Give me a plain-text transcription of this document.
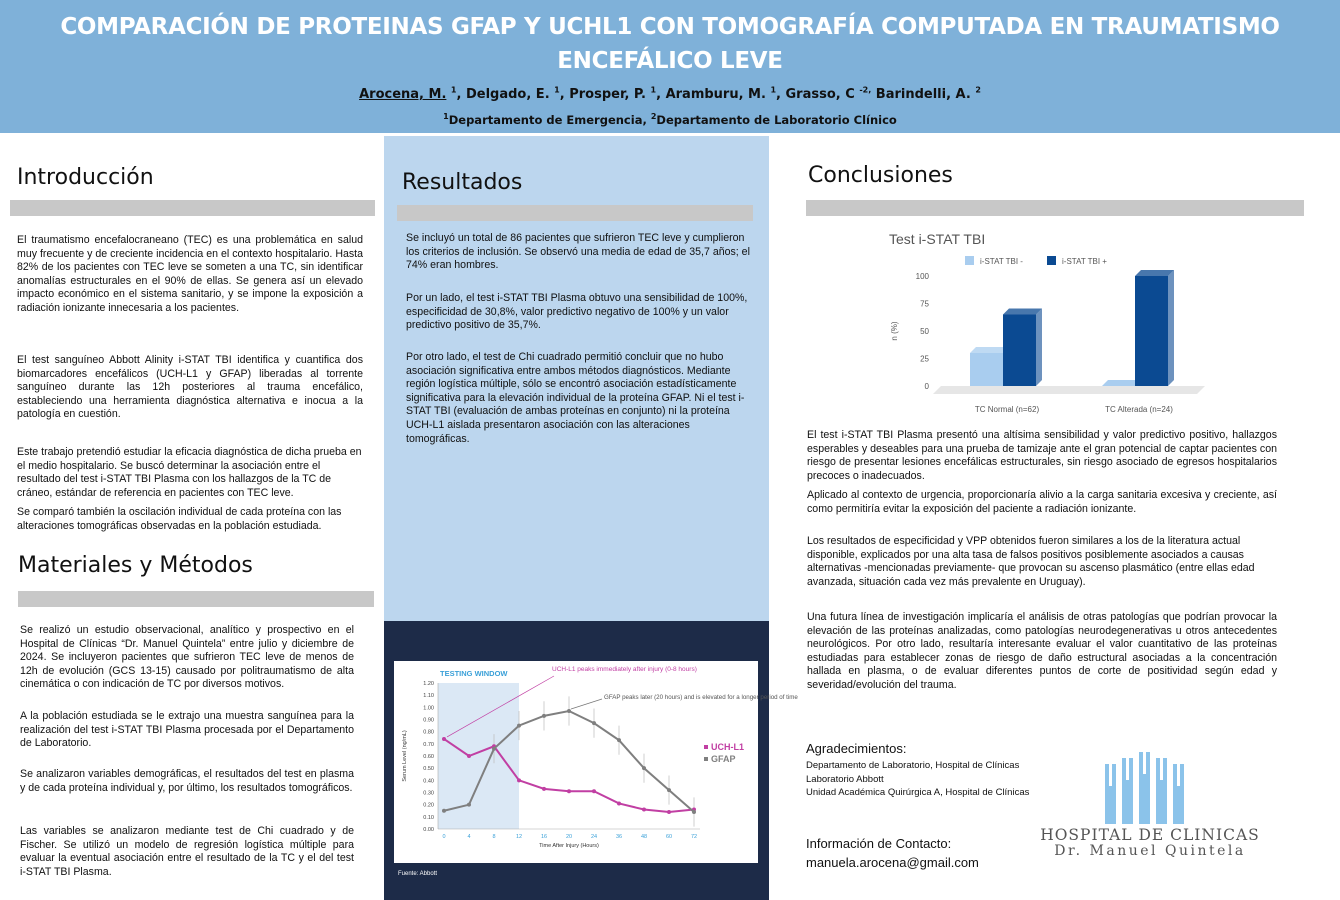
COMPARACIÓN DE PROTEINAS GFAP Y UCHL1 CON TOMOGRAFÍA COMPUTADA EN TRAUMATISMO ENCEFÁLICO LEVE
Arocena, M. $^1$, Delgado, E. $^1$, Prosper, P. $^1$, Aramburu, M. $^1$, Grasso, C $^{-2,}$ Barindelli, A. $^2$
$^1$Departamento de Emergencia, $^2$Departamento de Laboratorio Clínico
Introducción
El traumatismo encefalocraneano (TEC) es una problemática en salud muy frecuente y de creciente incidencia en el contexto hospitalario. Hasta 82% de los pacientes con TEC leve se someten a una TC, sin identificar anomalías estructurales en el 90% de ellas. Se genera así un elevado impacto económico en el sistema sanitario, y se impone la exposición a radiación ionizante innecesaria a los pacientes.
El test sanguíneo Abbott Alinity i-STAT TBI identifica y cuantifica dos biomarcadores encefálicos (UCH-L1 y GFAP) liberadas al torrente sanguíneo durante las 12h posteriores al trauma encefálico, estableciendo una herramienta diagnóstica alternativa e inocua a la patología en cuestión.
Este trabajo pretendió estudiar la eficacia diagnóstica de dicha prueba en el medio hospitalario. Se buscó determinar la asociación entre el resultado del test i-STAT TBI Plasma con los hallazgos de la TC de cráneo, estándar de referencia en pacientes con TEC leve.
Se comparó también la oscilación individual de cada proteína con las alteraciones tomográficas observadas en la población estudiada.
Materiales y Métodos
Se realizó un estudio observacional, analítico y prospectivo en el Hospital de Clínicas “Dr. Manuel Quintela” entre julio y diciembre de 2024. Se incluyeron pacientes que sufrieron TEC leve de menos de 12h de evolución (GCS 13-15) causado por politraumatismo de alta cinemática o con indicación de TC por diversos motivos.
A la población estudiada se le extrajo una muestra sanguínea para la realización del test i-STAT TBI Plasma procesada por el Departamento de Laboratorio.
Se analizaron variables demográficas, el resultados del test en plasma y de cada proteína individual y, por último, los resultados tomográficos.
Las variables se analizaron mediante test de Chi cuadrado y de Fischer. Se utilizó un modelo de regresión logística múltiple para evaluar la eventual asociación entre el resultado de la TC y el del test i-STAT TBI Plasma.
Resultados
Se incluyó un total de 86 pacientes que sufrieron TEC leve y cumplieron los criterios de inclusión. Se observó una media de edad de 35,7 años; el 74% eran hombres.
Por un lado, el test i-STAT TBI Plasma obtuvo una sensibilidad de 100%, especificidad de 30,8%, valor predictivo negativo de 100% y un valor predictivo positivo de 35,7%.
Por otro lado, el test de Chi cuadrado permitió concluir que no hubo asociación significativa entre ambos métodos diagnósticos. Mediante región logística múltiple, sólo se encontró asociación estadísticamente significativa para la elevación individual de la proteína GFAP. Ni el test i-STAT TBI (evaluación de ambas proteínas en conjunto) ni la proteína UCH-L1 aislada presentaron asociación con las alteraciones tomográficas.
TESTING WINDOW
0.00
0.10
0.20
0.30
0.40
0.50
0.60
0.70
0.80
0.90
1.00
1.10
1.20
0	4	8	12	16	20	24	36	48	60	72
Time After Injury (Hours)
Serum Level (ng/mL)	UCH-L1
GFAP
UCH-L1 peaks immediately after injury (0-8 hours)
GFAP peaks later (20 hours) and is elevated for a longer period of time
Fuente: Abbott
Conclusiones
Test i-STAT TBI
i-STAT TBI -	i-STAT TBI +
0
25
50
75
100
n (%)
TC Normal (n=62)	TC Alterada (n=24)
El test i-STAT TBI Plasma presentó una altísima sensibilidad y valor predictivo positivo, hallazgos esperables y deseables para una prueba de tamizaje ante el gran potencial de captar pacientes con riesgo de presentar lesiones encefálicas estructurales, sin riesgo asociado de egresos hospitalarios precoces o inadecuados.
Aplicado al contexto de urgencia, proporcionaría alivio a la carga sanitaria excesiva y creciente, así como permitiría evitar la exposición del paciente a radiación ionizante.
Los resultados de especificidad y VPP obtenidos fueron similares a los de la literatura actual disponible, explicados por una alta tasa de falsos positivos posiblemente asociados a causas alternativas -mencionadas previamente- que provocan su ascenso plasmático (entre ellas edad avanzada, situación cada vez más prevalente en Uruguay).
Una futura línea de investigación implicaría el análisis de otras patologías que podrían provocar la elevación de las proteínas analizadas, como patologías neurodegenerativas u otros antecedentes neurológicos. Por otro lado, resultaría interesante evaluar el valor cuantitativo de las proteínas estudiadas para establecer zonas de riesgo de daño estructural asociadas a la concentración hallada en plasma, o de evaluar diferentes puntos de corte de positividad según edad y severidad/evolución del trauma.
Agradecimientos:
Departamento de Laboratorio, Hospital de Clínicas
Laboratorio Abbott
Unidad Académica Quirúrgica A, Hospital de Clínicas
Información de Contacto:
manuela.arocena@gmail.com
HOSPITAL DE CLINICAS
Dr. Manuel Quintela
